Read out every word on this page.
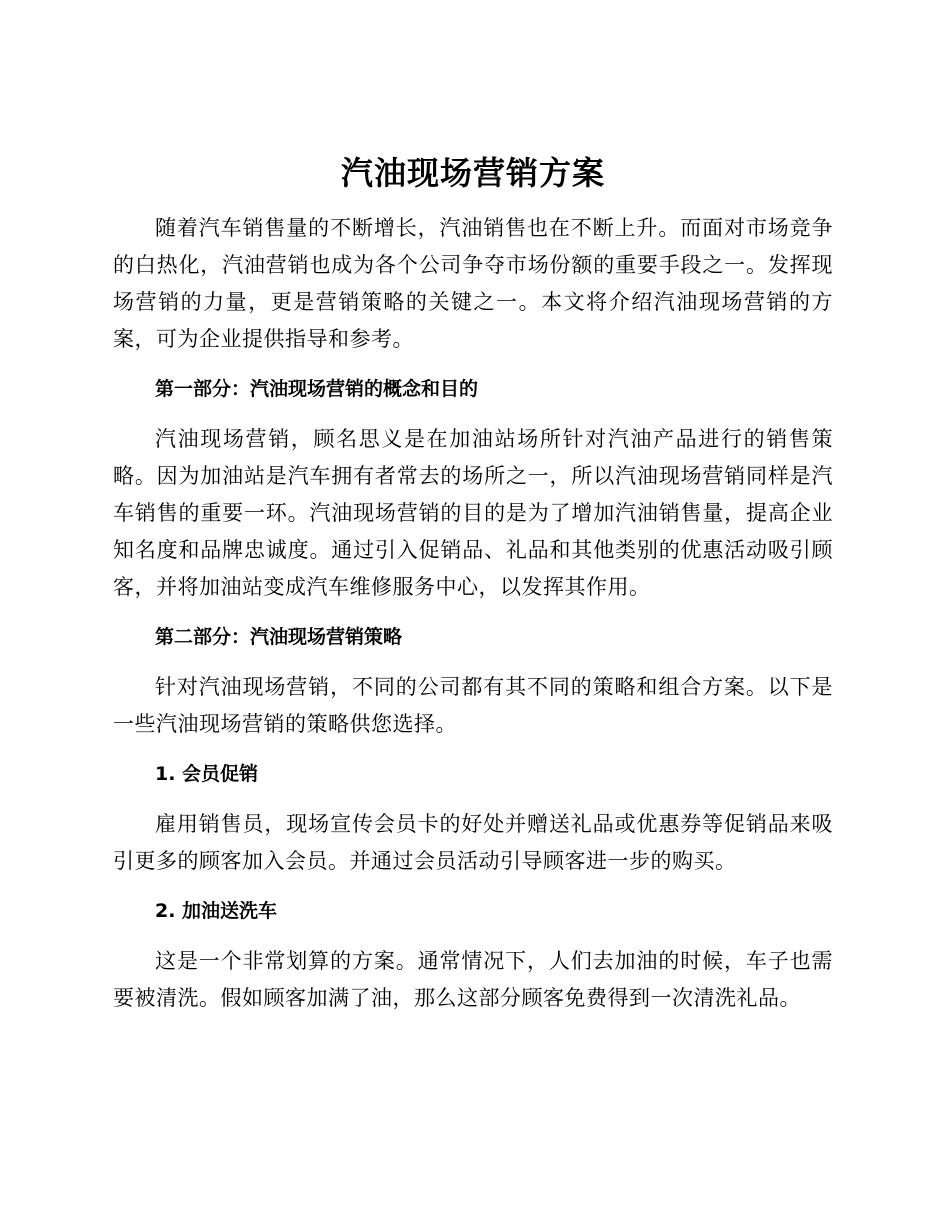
汽油现场营销方案

随着汽车销售量的不断增长，汽油销售也在不断上升。而面对市场竞争的白热化，汽油营销也成为各个公司争夺市场份额的重要手段之一。发挥现场营销的力量，更是营销策略的关键之一。本文将介绍汽油现场营销的方案，可为企业提供指导和参考。

第一部分：汽油现场营销的概念和目的

汽油现场营销，顾名思义是在加油站场所针对汽油产品进行的销售策略。因为加油站是汽车拥有者常去的场所之一，所以汽油现场营销同样是汽车销售的重要一环。汽油现场营销的目的是为了增加汽油销售量，提高企业知名度和品牌忠诚度。通过引入促销品、礼品和其他类别的优惠活动吸引顾客，并将加油站变成汽车维修服务中心，以发挥其作用。

第二部分：汽油现场营销策略

针对汽油现场营销，不同的公司都有其不同的策略和组合方案。以下是一些汽油现场营销的策略供您选择。

1. 会员促销

雇用销售员，现场宣传会员卡的好处并赠送礼品或优惠券等促销品来吸引更多的顾客加入会员。并通过会员活动引导顾客进一步的购买。

2. 加油送洗车

这是一个非常划算的方案。通常情况下，人们去加油的时候，车子也需要被清洗。假如顾客加满了油，那么这部分顾客免费得到一次清洗礼品。
